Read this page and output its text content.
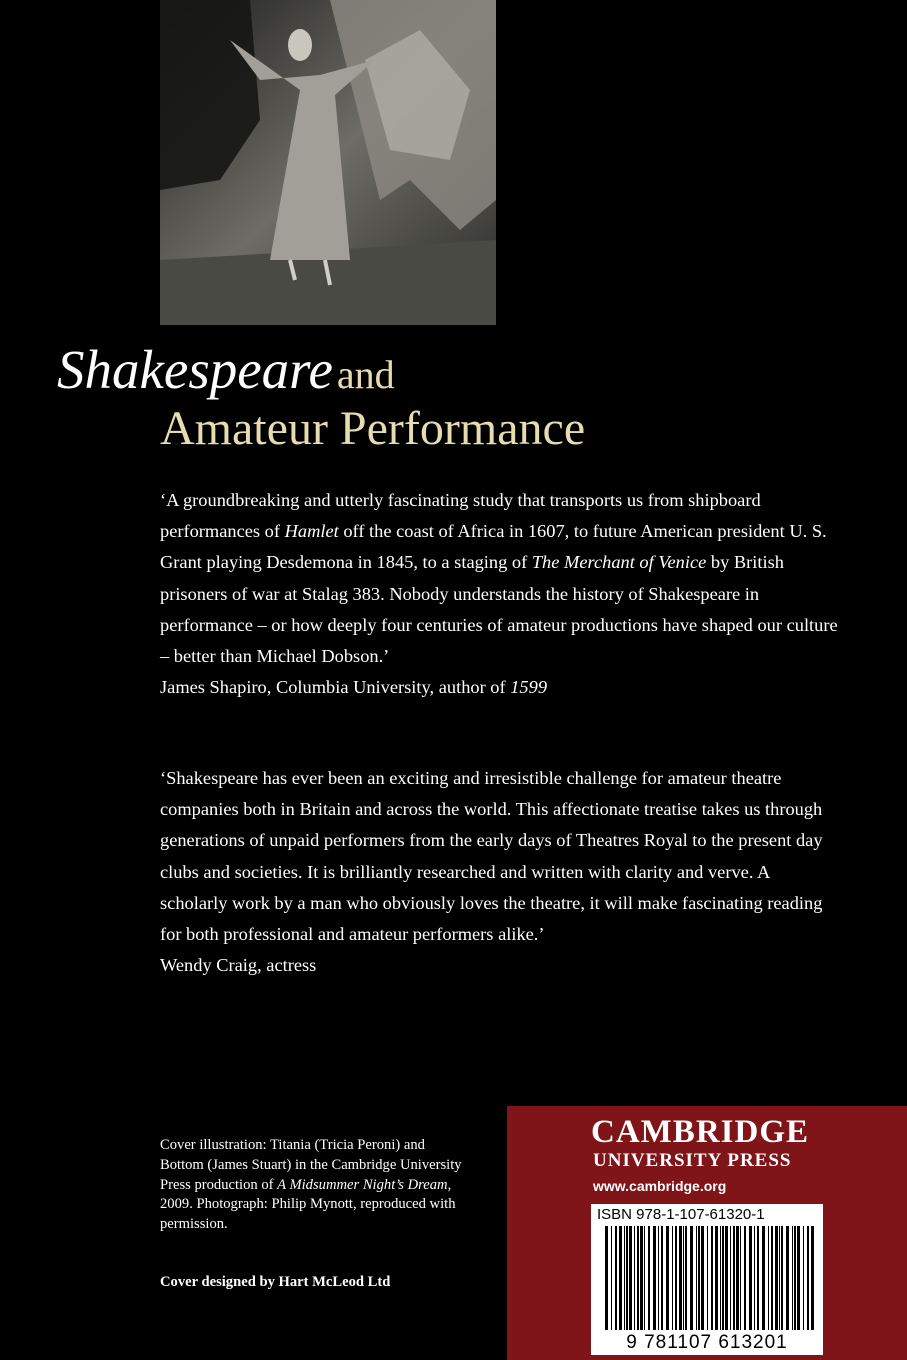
Shakespeare and
Amateur Performance

‘A groundbreaking and utterly fascinating study that transports us from shipboard performances of Hamlet off the coast of Africa in 1607, to future American president U. S. Grant playing Desdemona in 1845, to a staging of The Merchant of Venice by British prisoners of war at Stalag 383. Nobody understands the history of Shakespeare in performance – or how deeply four centuries of amateur productions have shaped our culture – better than Michael Dobson.’

James Shapiro, Columbia University, author of 1599

‘Shakespeare has ever been an exciting and irresistible challenge for amateur theatre companies both in Britain and across the world. This affectionate treatise takes us through generations of unpaid performers from the early days of Theatres Royal to the present day clubs and societies. It is brilliantly researched and written with clarity and verve. A scholarly work by a man who obviously loves the theatre, it will make fascinating reading for both professional and amateur performers alike.’

Wendy Craig, actress

Cover illustration: Titania (Tricia Peroni) and Bottom (James Stuart) in the Cambridge University Press production of A Midsummer Night’s Dream, 2009. Photograph: Philip Mynott, reproduced with permission.
Cover designed by Hart McLeod Ltd
CAMBRIDGE
UNIVERSITY PRESS
www.cambridge.org
ISBN 978-1-107-61320-1
9 781107 613201
